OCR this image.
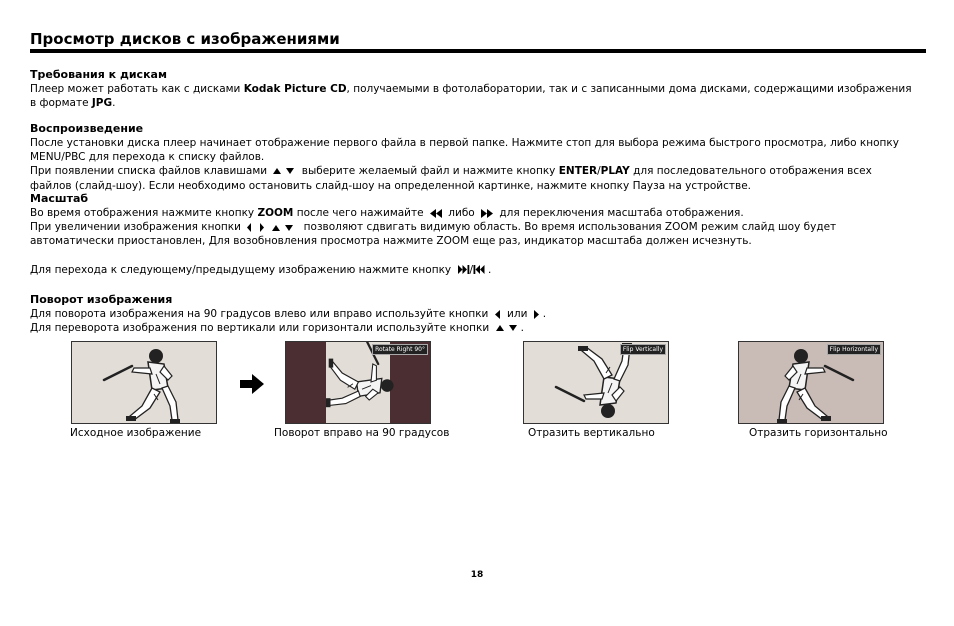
Просмотр дисков с изображениями
Требования к дискам

Плеер может работать как с дисками Kodak Picture CD, получаемыми в фотолаборатории, так и с записанными дома дисками, содержащими изображения
в формате JPG.

Воспроизведение

После установки диска плеер начинает отображение первого файла в первой папке. Нажмите стоп для выбора режима быстрого просмотра, либо кнопку
MENU/PBC для перехода к списку файлов.
При появлении списка файлов клавишами	выберите желаемый файл и нажмите кнопку ENTER/PLAY для последовательного отображения всех
файлов (слайд-шоу). Если необходимо остановить слайд-шоу на определенной картинке, нажмите кнопку Пауза на устройстве.

Масштаб

Во время отображения нажмите кнопку ZOOM после чего нажимайте либо для переключения масштаба отображения.
При увеличении изображения кнопки	позволяют сдвигать видимую область. Во время использования ZOOM режим слайд шоу будет
автоматически приостановлен, Для возобновления просмотра нажмите ZOOM еще раз, индикатор масштаба должен исчезнуть.

Для перехода к следующему/предыдущему изображению нажмите кнопку / .

Поворот изображения

Для поворота изображения на 90 градусов влево или вправо используйте кнопки или .
Для переворота изображения по вертикали или горизонтали используйте кнопки	.

Исходное изображение
Rotate Right 90°
Поворот вправо на 90 градусов
Flip Vertically
Отразить вертикально
Flip Horizontally
Отразить горизонтально
18
